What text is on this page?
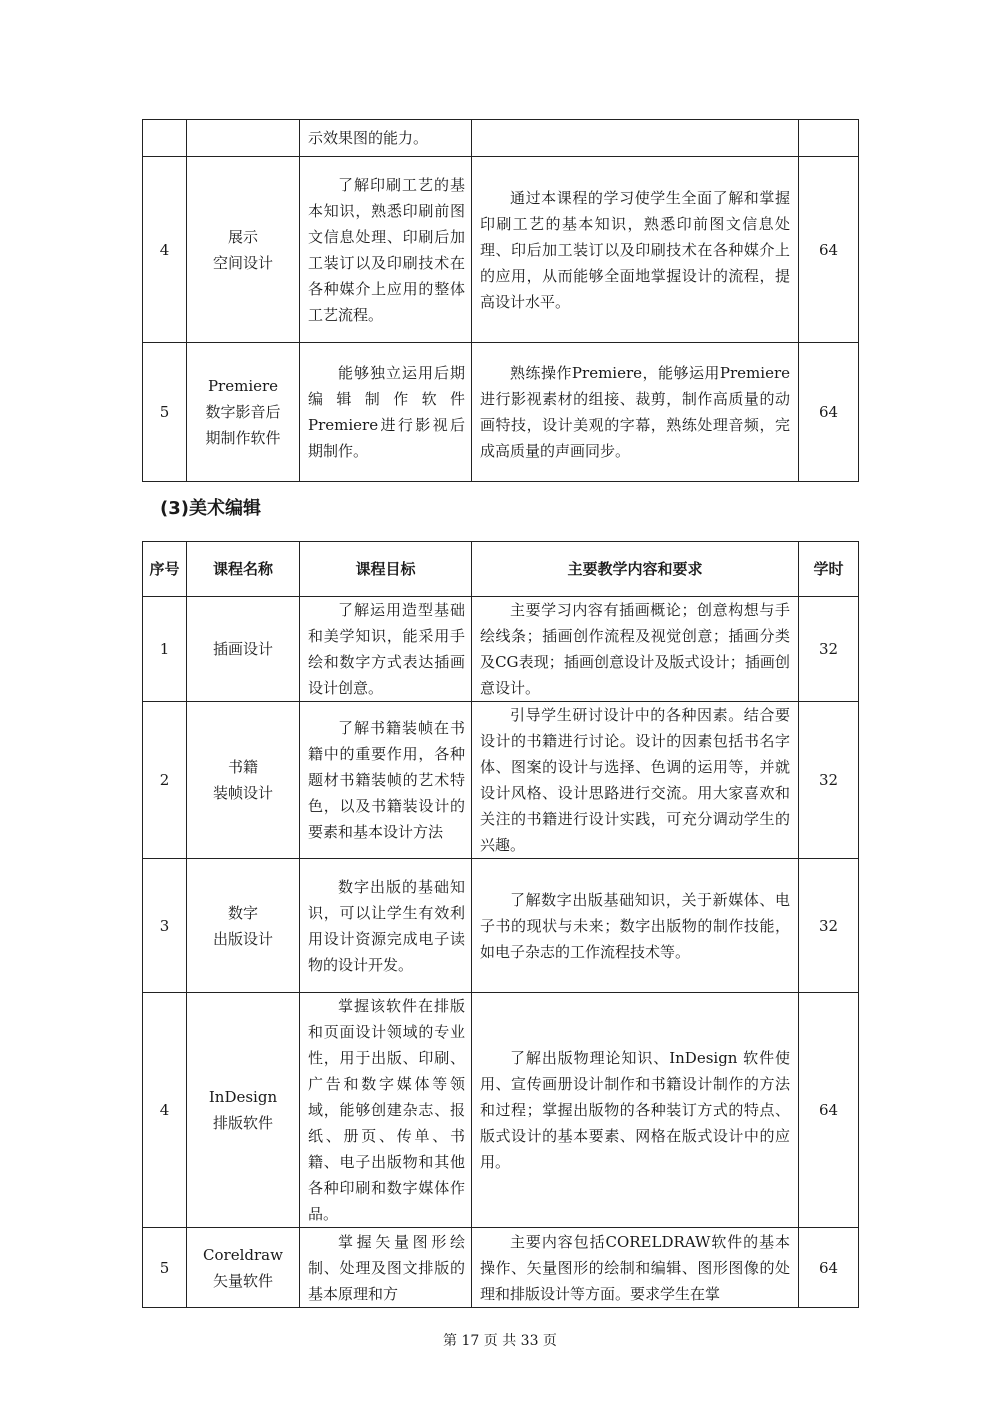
		示效果图的能力。		

4	展示
空间设计	了解印刷工艺的基本知识，熟悉印刷前图文信息处理、印刷后加工装订以及印刷技术在各种媒介上应用的整体工艺流程。	通过本课程的学习使学生全面了解和掌握印刷工艺的基本知识，熟悉印前图文信息处理、印后加工装订以及印刷技术在各种媒介上的应用，从而能够全面地掌握设计的流程，提高设计水平。	64

5	Premiere
数字影音后
期制作软件	能够独立运用后期编辑制作软件Premiere进行影视后期制作。	熟练操作Premiere，能够运用Premiere进行影视素材的组接、裁剪，制作高质量的动画特技，设计美观的字幕，熟练处理音频，完成高质量的声画同步。	64
(3)美术编辑
序号	课程名称	课程目标	主要教学内容和要求	学时

1	插画设计	了解运用造型基础和美学知识，能采用手绘和数字方式表达插画设计创意。	主要学习内容有插画概论；创意构想与手绘线条；插画创作流程及视觉创意；插画分类及CG表现；插画创意设计及版式设计；插画创意设计。	32

2	书籍
装帧设计	了解书籍装帧在书籍中的重要作用，各种题材书籍装帧的艺术特色，以及书籍装设计的要素和基本设计方法	引导学生研讨设计中的各种因素。结合要设计的书籍进行讨论。设计的因素包括书名字体、图案的设计与选择、色调的运用等，并就设计风格、设计思路进行交流。用大家喜欢和关注的书籍进行设计实践，可充分调动学生的兴趣。	32

3	数字
出版设计	数字出版的基础知识，可以让学生有效利用设计资源完成电子读物的设计开发。	了解数字出版基础知识，关于新媒体、电子书的现状与未来；数字出版物的制作技能，如电子杂志的工作流程技术等。	32

4	InDesign
排版软件	掌握该软件在排版和页面设计领域的专业性，用于出版、印刷、广告和数字媒体等领域，能够创建杂志、报纸、册页、传单、书籍、电子出版物和其他各种印刷和数字媒体作品。	了解出版物理论知识、InDesign 软件使用、宣传画册设计制作和书籍设计制作的方法和过程；掌握出版物的各种装订方式的特点、版式设计的基本要素、网格在版式设计中的应用。	64

5	Coreldraw
矢量软件	掌握矢量图形绘制、处理及图文排版的基本原理和方	主要内容包括CORELDRAW软件的基本操作、矢量图形的绘制和编辑、图形图像的处理和排版设计等方面。要求学生在掌	64
第 17 页 共 33 页
